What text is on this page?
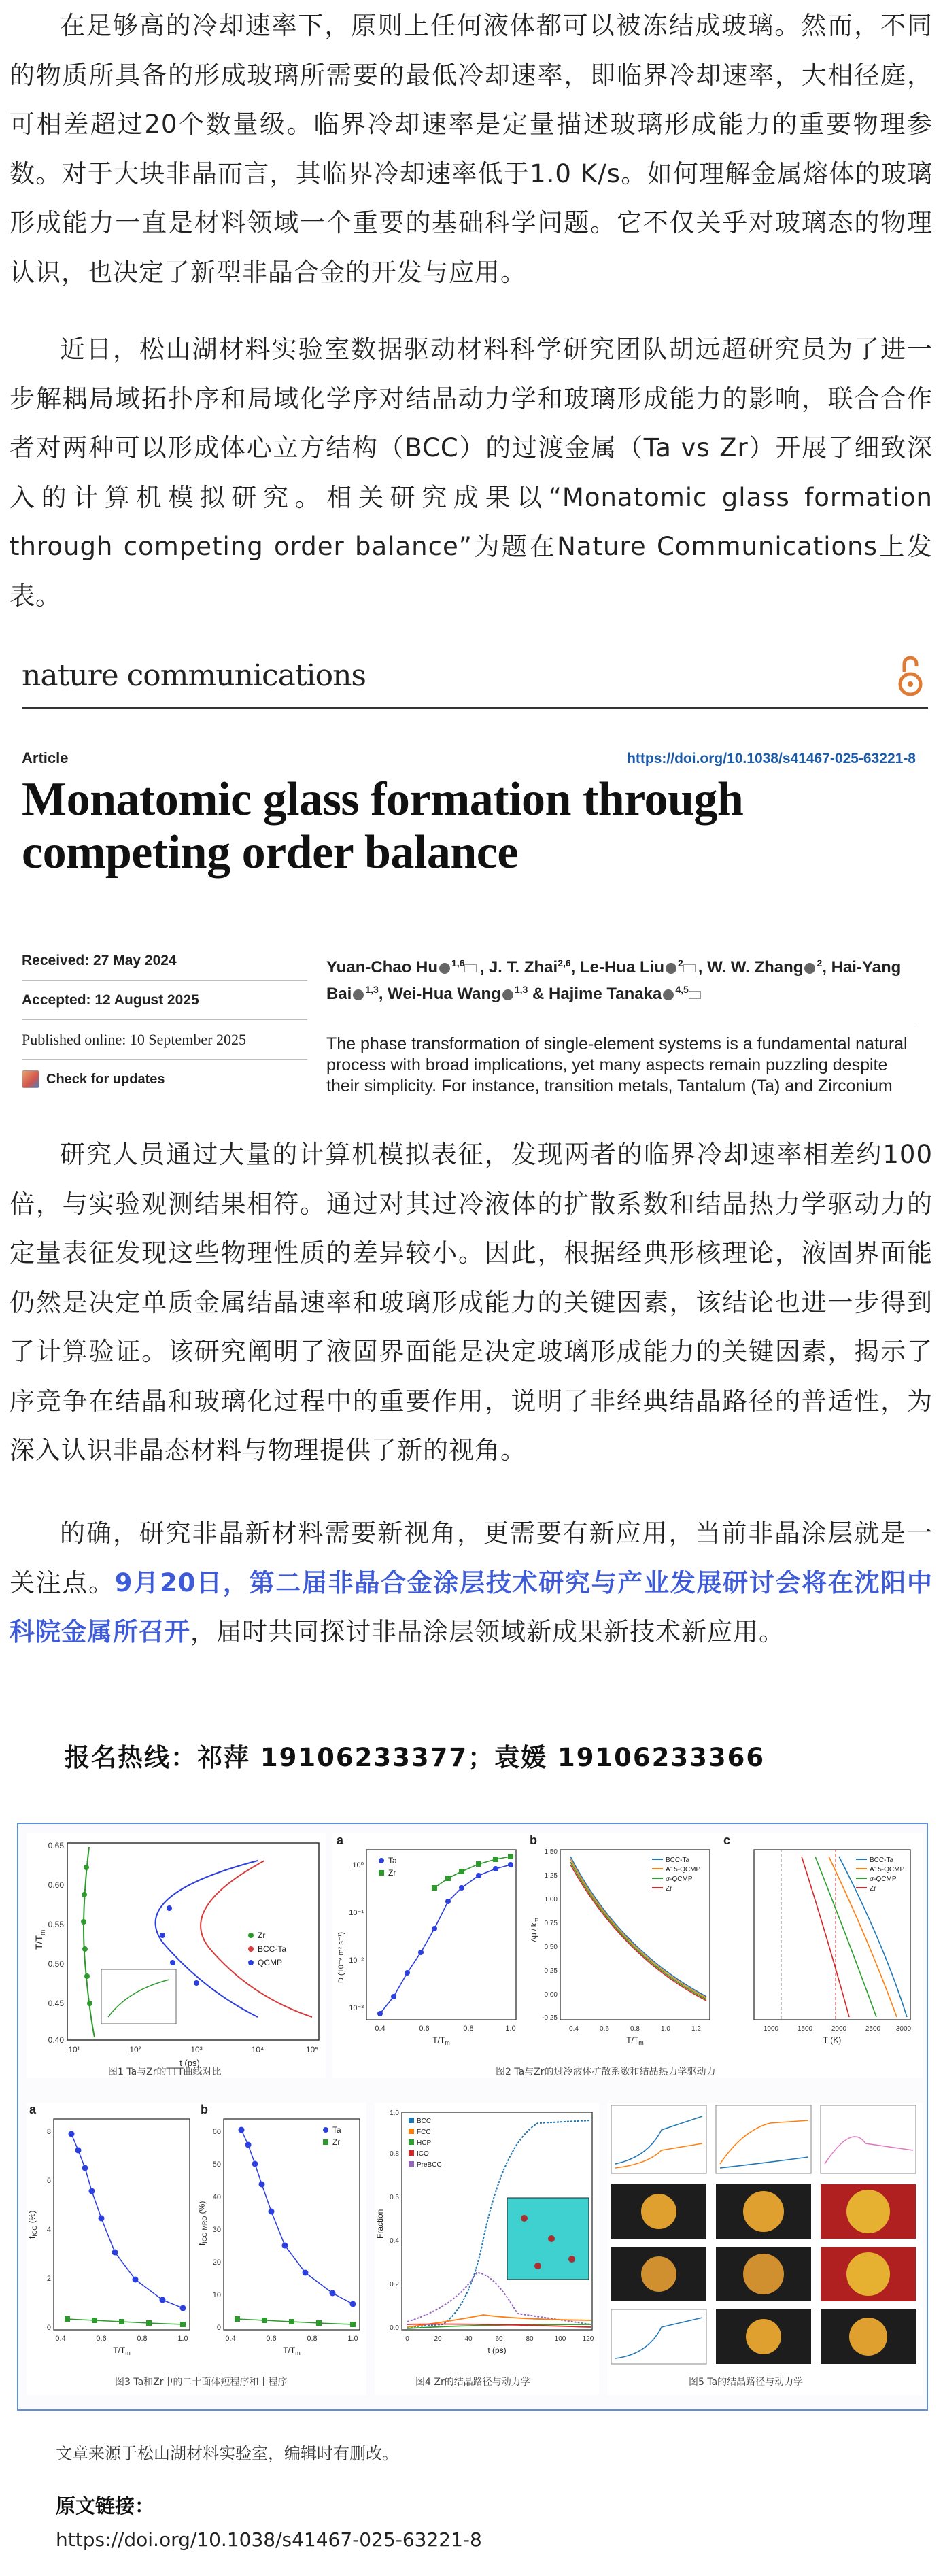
在足够高的冷却速率下，原则上任何液体都可以被冻结成玻璃。然而，不同的物质所具备的形成玻璃所需要的最低冷却速率，即临界冷却速率，大相径庭，可相差超过20个数量级。临界冷却速率是定量描述玻璃形成能力的重要物理参数。对于大块非晶而言，其临界冷却速率低于1.0 K/s。如何理解金属熔体的玻璃形成能力一直是材料领域一个重要的基础科学问题。它不仅关乎对玻璃态的物理认识，也决定了新型非晶合金的开发与应用。

近日，松山湖材料实验室数据驱动材料科学研究团队胡远超研究员为了进一步解耦局域拓扑序和局域化学序对结晶动力学和玻璃形成能力的影响，联合合作者对两种可以形成体心立方结构（BCC）的过渡金属（Ta vs Zr）开展了细致深入的计算机模拟研究。相关研究成果以“Monatomic glass formation through competing order balance”为题在Nature Communications上发表。

nature communications
Article	https://doi.org/10.1038/s41467-025-63221-8
Monatomic glass formation through competing order balance
Received: 27 May 2024
Accepted: 12 August 2025
Published online: 10 September 2025
Check for updates
Yuan-Chao Hu $^{1,6}$ , J. T. Zhai$^{2,6}$, Le-Hua Liu $^2$ , W. W. Zhang $^2$, Hai-Yang Bai $^{1,3}$, Wei-Hua Wang $^{1,3}$ & Hajime Tanaka $^{4,5}$
The phase transformation of single-element systems is a fundamental natural process with broad implications, yet many aspects remain puzzling despite their simplicity. For instance, transition metals, Tantalum (Ta) and Zirconium

研究人员通过大量的计算机模拟表征，发现两者的临界冷却速率相差约100倍，与实验观测结果相符。通过对其过冷液体的扩散系数和结晶热力学驱动力的定量表征发现这些物理性质的差异较小。因此，根据经典形核理论，液固界面能仍然是决定单质金属结晶速率和玻璃形成能力的关键因素，该结论也进一步得到了计算验证。该研究阐明了液固界面能是决定玻璃形成能力的关键因素，揭示了序竞争在结晶和玻璃化过程中的重要作用，说明了非经典结晶路径的普适性，为深入认识非晶态材料与物理提供了新的视角。

的确，研究非晶新材料需要新视角，更需要有新应用，当前非晶涂层就是一关注点。9月20日，第二届非晶合金涂层技术研究与产业发展研讨会将在沈阳中科院金属所召开，届时共同探讨非晶涂层领域新成果新技术新应用。

报名热线：祁萍 19106233377；袁媛 19106233366
$T/T_m$
0.65
0.60
0.55
0.50
0.45
0.40
10¹	10²	10³	10⁴	10⁵
t (ps)
Zr
BCC-Ta
QCMP
图1 Ta与Zr的TTT曲线对比
a	b	c
10⁰
10⁻¹
10⁻²
10⁻³
0.4	0.6	0.8	1.0
$T/T_m$
D (10⁻⁹ m² s⁻¹)
Ta
Zr
1.50
1.25
1.00
0.75
0.50
0.25
0.00
-0.25
0.4	0.6	0.8	1.0	1.2
$T/T_m$
Δμ / $k_m$
BCC-Ta
A15-QCMP
σ-QCMP
Zr
1000	1500	2000	2500 3000
T (K)
BCC-Ta
A15-QCMP
σ-QCMP
Zr
图2 Ta与Zr的过冷液体扩散系数和结晶热力学驱动力
a	b
0
2
4
6
8
$f_{ICO}$ (%)
0.4	0.6	0.8	1.0
$T/T_m$
0
10
20
30
40
50
60
$f_{ICO-MRO}$ (%)
0.4	0.6	0.8	1.0
$T/T_m$
Ta
Zr
图3 Ta和Zr中的二十面体短程序和中程序
0.0
0.2
0.4
0.6
0.8
1.0
Fraction
0	20	40	60	80	100 120
t (ps)
BCC
FCC
HCP
ICO
PreBCC
图4 Zr的结晶路径与动力学	图5 Ta的结晶路径与动力学
文章来源于松山湖材料实验室，编辑时有删改。
原文链接：
https://doi.org/10.1038/s41467-025-63221-8
